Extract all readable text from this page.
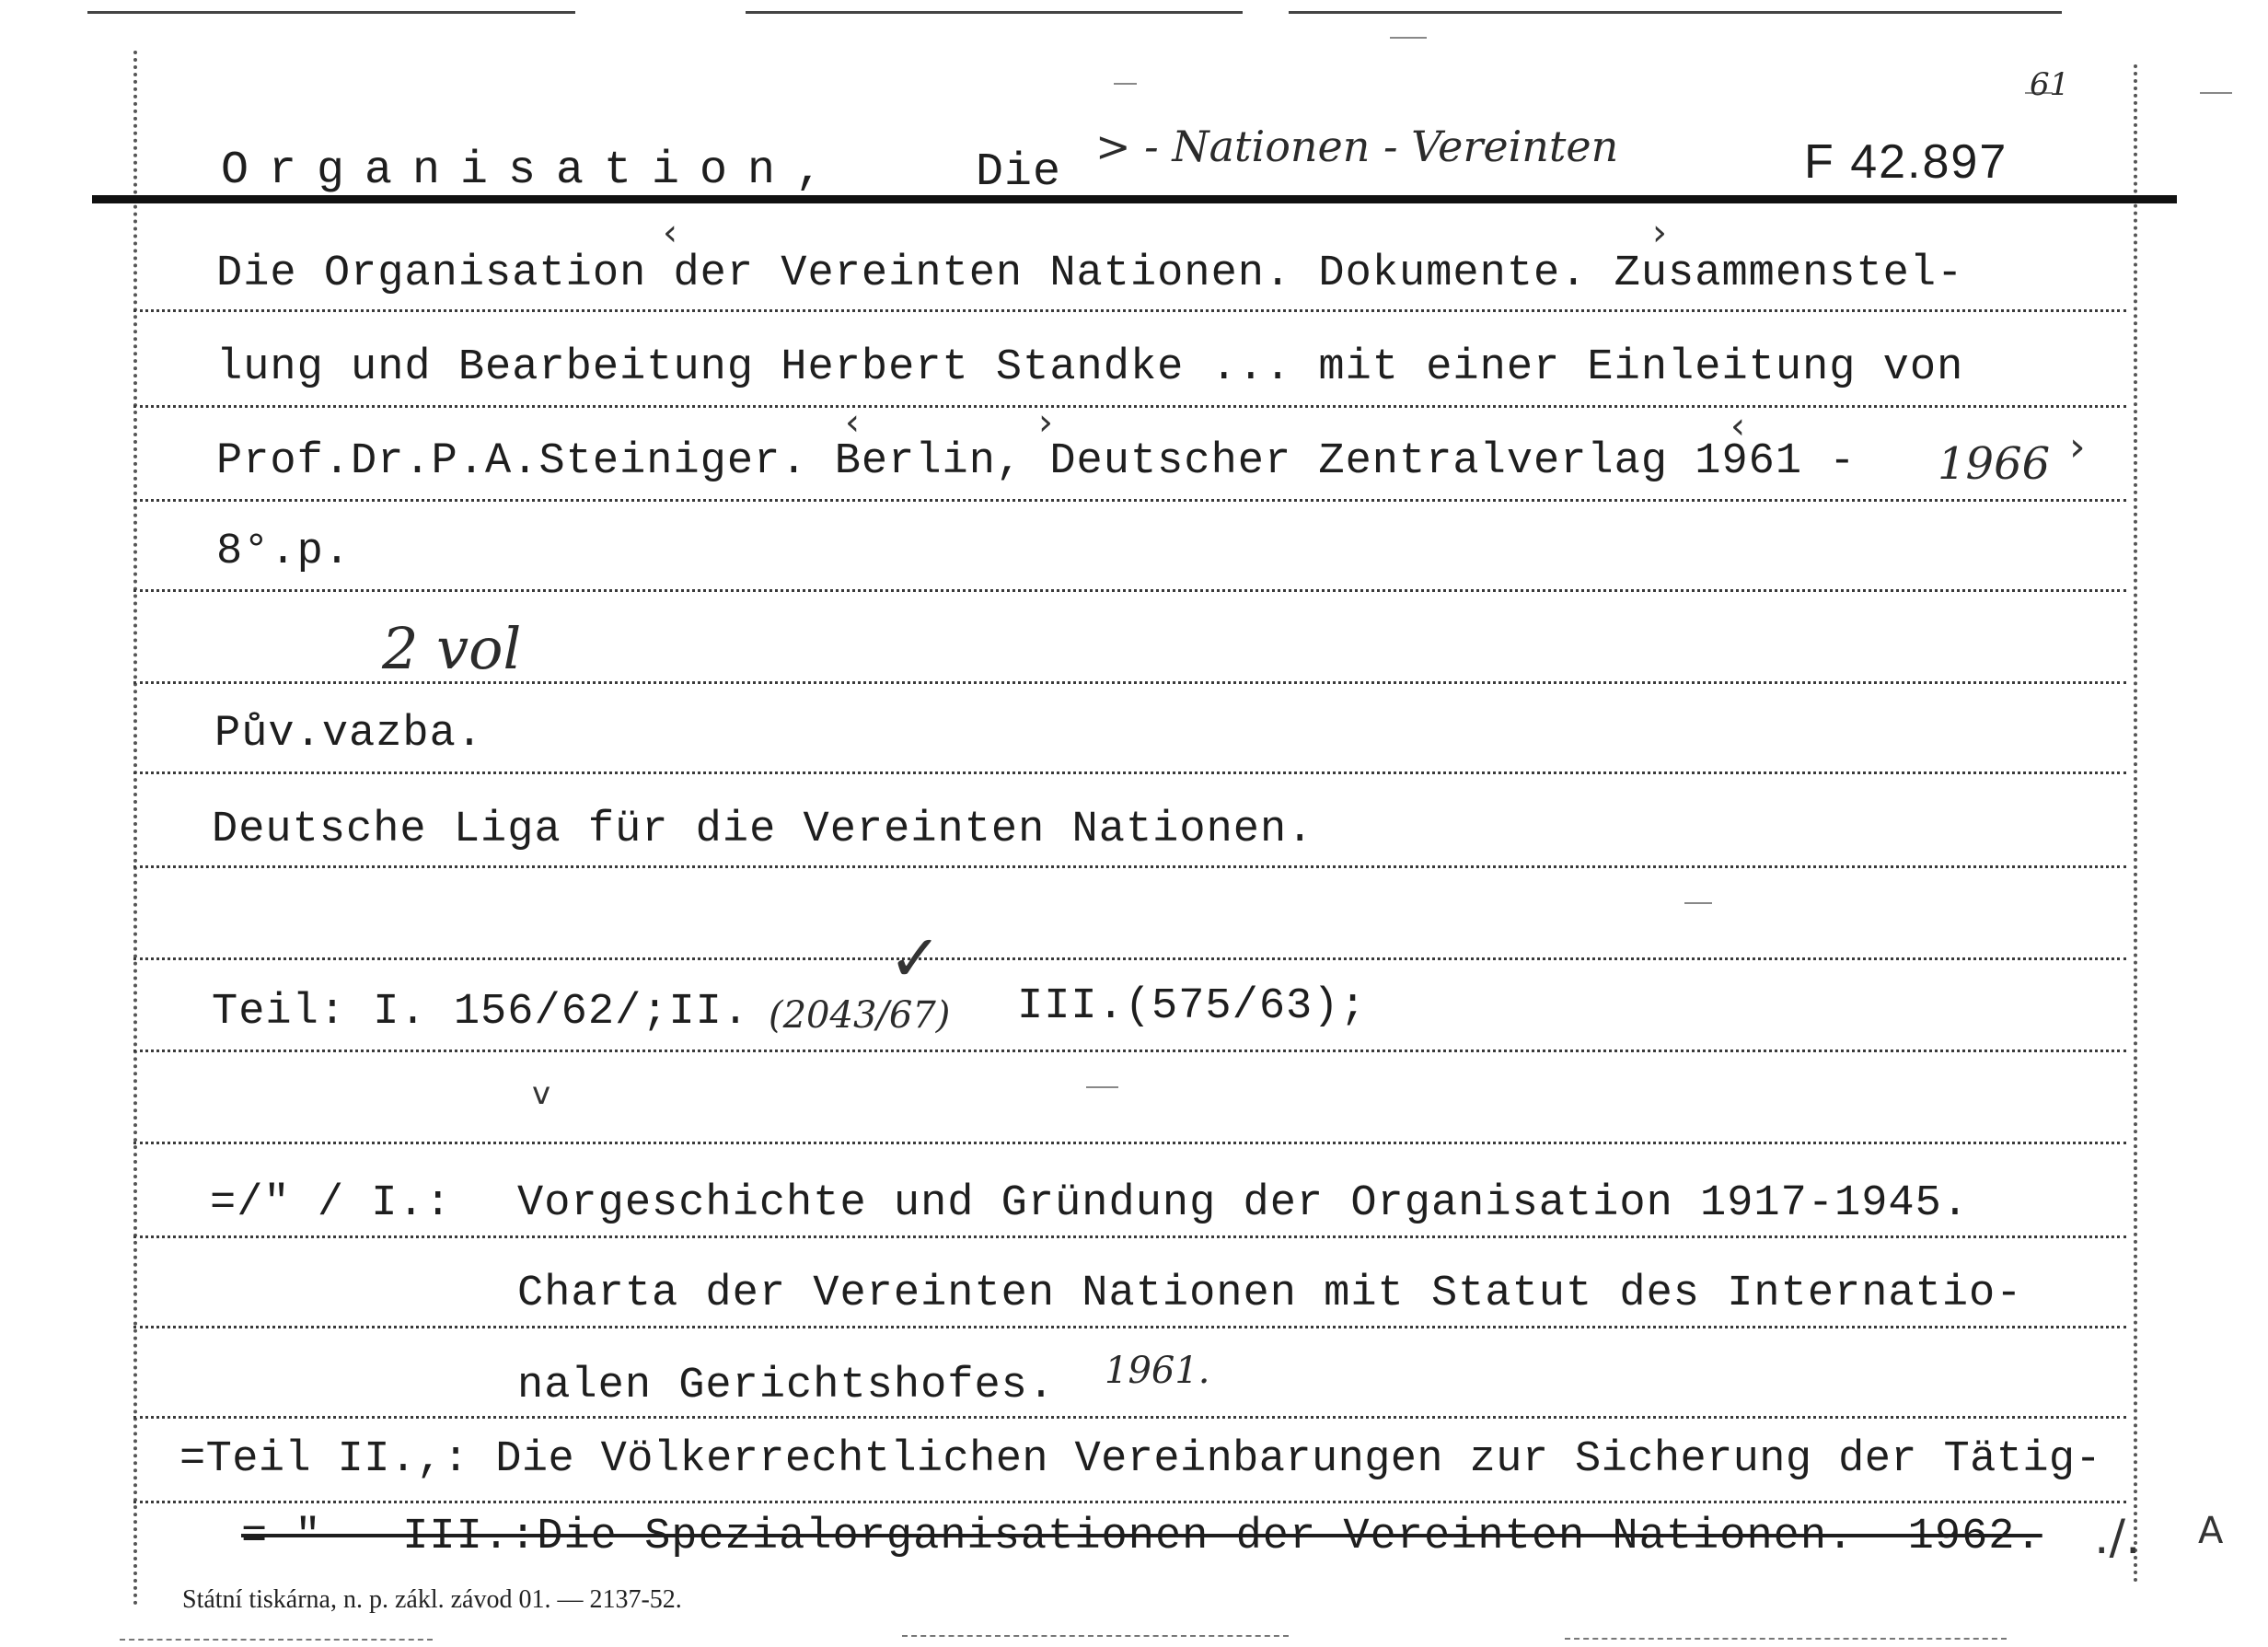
Organisation,	Die > - Nationen - Vereinten	F 42.897
61
Die Organisation der Vereinten Nationen. Dokumente. Zusammenstel-
lung und Bearbeitung Herbert Standke ... mit einer Einleitung von
Prof.Dr.P.A.Steiniger. Berlin, Deutscher Zentralverlag 1961 - 1966
8°.p.
‹	›
‹	›	‹	›
2 vol
Pův.vazba.
Deutsche Liga für die Vereinten Nationen.
Teil: I. 156/62/;II. (2043/67) III.(575/63);
✓
v
=/" / I.: Vorgeschichte und Gründung der Organisation 1917-1945.
Charta der Vereinten Nationen mit Statut des Internatio-
nalen Gerichtshofes. 1961.
=Teil II.,: Die Völkerrechtlichen Vereinbarungen zur Sicherung der Tätig-
= "   III.:Die Spezialorganisationen der Vereinten Nationen.  1962. ./. A
Státní tiskárna, n. p. zákl. závod 01. — 2137-52.
